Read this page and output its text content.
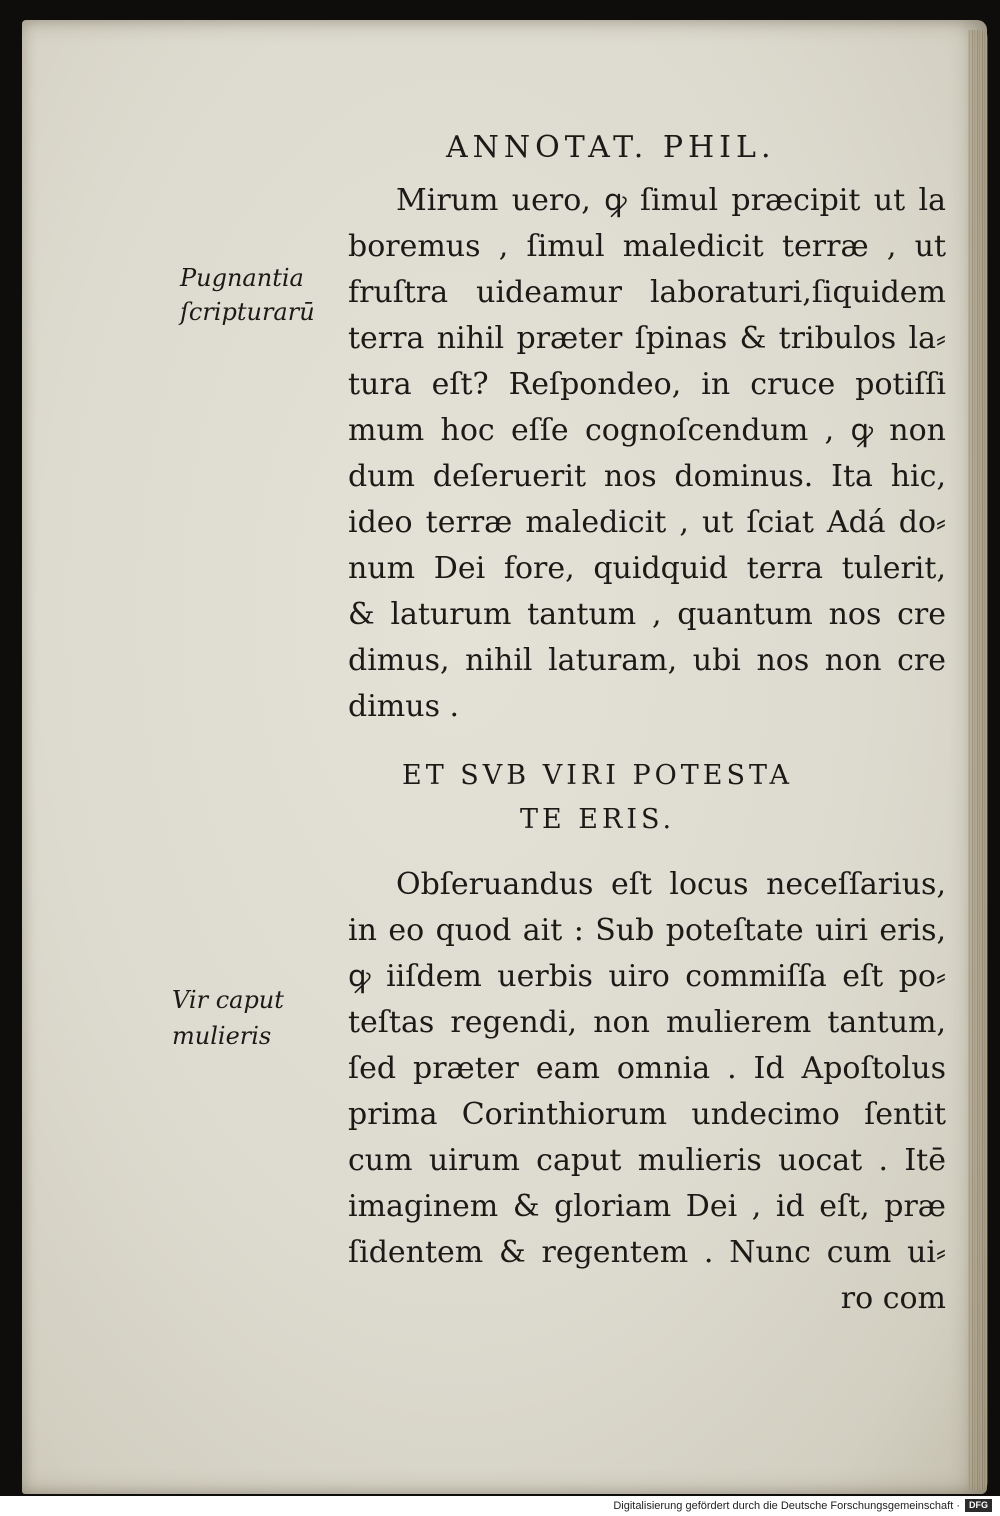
ANNOTAT. PHIL.
Mirum uero, ꝙ ſimul præcipit ut la
boremus , ſimul maledicit terræ , ut
fruſtra uideamur laboraturi,ſiquidem
terra nihil præter ſpinas & tribulos la⸗
tura eſt? Reſpondeo, in cruce potiſſi
mum hoc eſſe cognoſcendum , ꝙ non
dum deſeruerit nos dominus. Ita hic,
ideo terræ maledicit , ut ſciat Adá do⸗
num Dei fore, quidquid terra tulerit,
& laturum tantum , quantum nos cre
dimus, nihil laturam, ubi nos non cre
dimus .
ET SVB VIRI POTESTA
TE ERIS.
Obſeruandus eſt locus neceſſarius,
in eo quod ait : Sub poteſtate uiri eris,
ꝙ iiſdem uerbis uiro commiſſa eſt po⸗
teſtas regendi, non mulierem tantum,
ſed præter eam omnia . Id Apoſtolus
prima Corinthiorum undecimo ſentit
cum uirum caput mulieris uocat . Itē
imaginem & gloriam Dei , id eſt, præ
ſidentem & regentem . Nunc cum ui⸗
ro com
Pugnantia
ſcripturarū
Vir caput
mulieris
Digitalisierung gefördert durch die Deutsche Forschungsgemeinschaft ·	DFG
